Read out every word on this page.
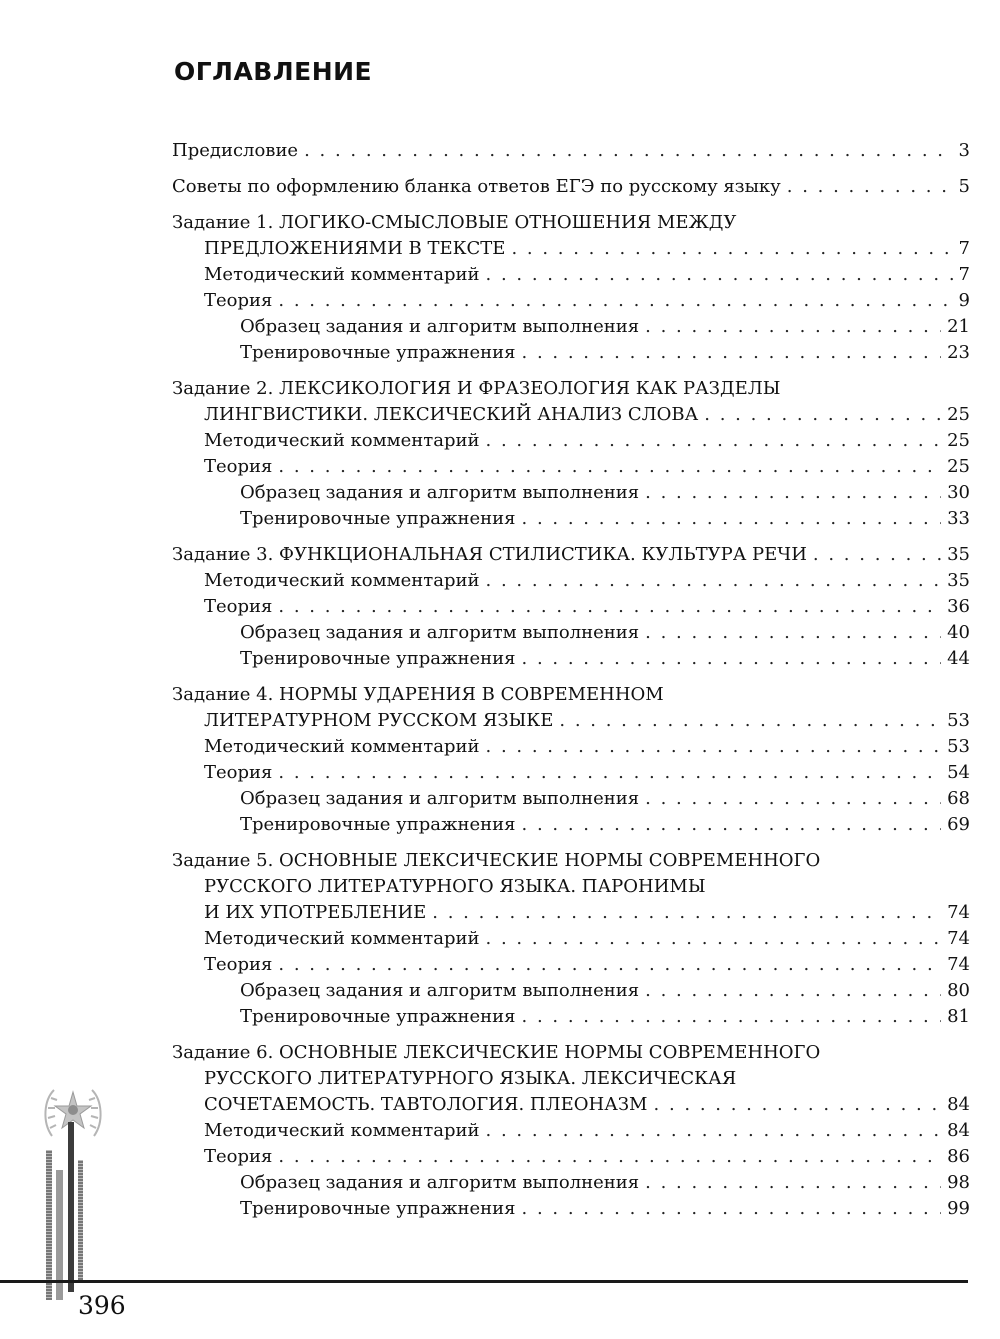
ОГЛАВЛЕНИЕ
Предисловие . . .	3
Советы по оформлению бланка ответов ЕГЭ по русскому языку . . .	5
Задание 1. ЛОГИКО-СМЫСЛОВЫЕ ОТНОШЕНИЯ МЕЖДУ
ПРЕДЛОЖЕНИЯМИ В ТЕКСТЕ . . .	7
Методический комментарий . . .	7
Теория . . .	9
Образец задания и алгоритм выполнения . . .	21
Тренировочные упражнения . . .	23
Задание 2. ЛЕКСИКОЛОГИЯ И ФРАЗЕОЛОГИЯ КАК РАЗДЕЛЫ
ЛИНГВИСТИКИ. ЛЕКСИЧЕСКИЙ АНАЛИЗ СЛОВА . . .	25
Методический комментарий . . .	25
Теория . . .	25
Образец задания и алгоритм выполнения . . .	30
Тренировочные упражнения . . .	33
Задание 3. ФУНКЦИОНАЛЬНАЯ СТИЛИСТИКА. КУЛЬТУРА РЕЧИ . . .	35
Методический комментарий . . .	35
Теория . . .	36
Образец задания и алгоритм выполнения . . .	40
Тренировочные упражнения . . .	44
Задание 4. НОРМЫ УДАРЕНИЯ В СОВРЕМЕННОМ
ЛИТЕРАТУРНОМ РУССКОМ ЯЗЫКЕ . . .	53
Методический комментарий . . .	53
Теория . . .	54
Образец задания и алгоритм выполнения . . .	68
Тренировочные упражнения . . .	69
Задание 5. ОСНОВНЫЕ ЛЕКСИЧЕСКИЕ НОРМЫ СОВРЕМЕННОГО
РУССКОГО ЛИТЕРАТУРНОГО ЯЗЫКА. ПАРОНИМЫ
И ИХ УПОТРЕБЛЕНИЕ . . .	74
Методический комментарий . . .	74
Теория . . .	74
Образец задания и алгоритм выполнения . . .	80
Тренировочные упражнения . . .	81
Задание 6. ОСНОВНЫЕ ЛЕКСИЧЕСКИЕ НОРМЫ СОВРЕМЕННОГО
РУССКОГО ЛИТЕРАТУРНОГО ЯЗЫКА. ЛЕКСИЧЕСКАЯ
СОЧЕТАЕМОСТЬ. ТАВТОЛОГИЯ. ПЛЕОНАЗМ . . .	84
Методический комментарий . . .	84
Теория . . .	86
Образец задания и алгоритм выполнения . . .	98
Тренировочные упражнения . . .	99
396
